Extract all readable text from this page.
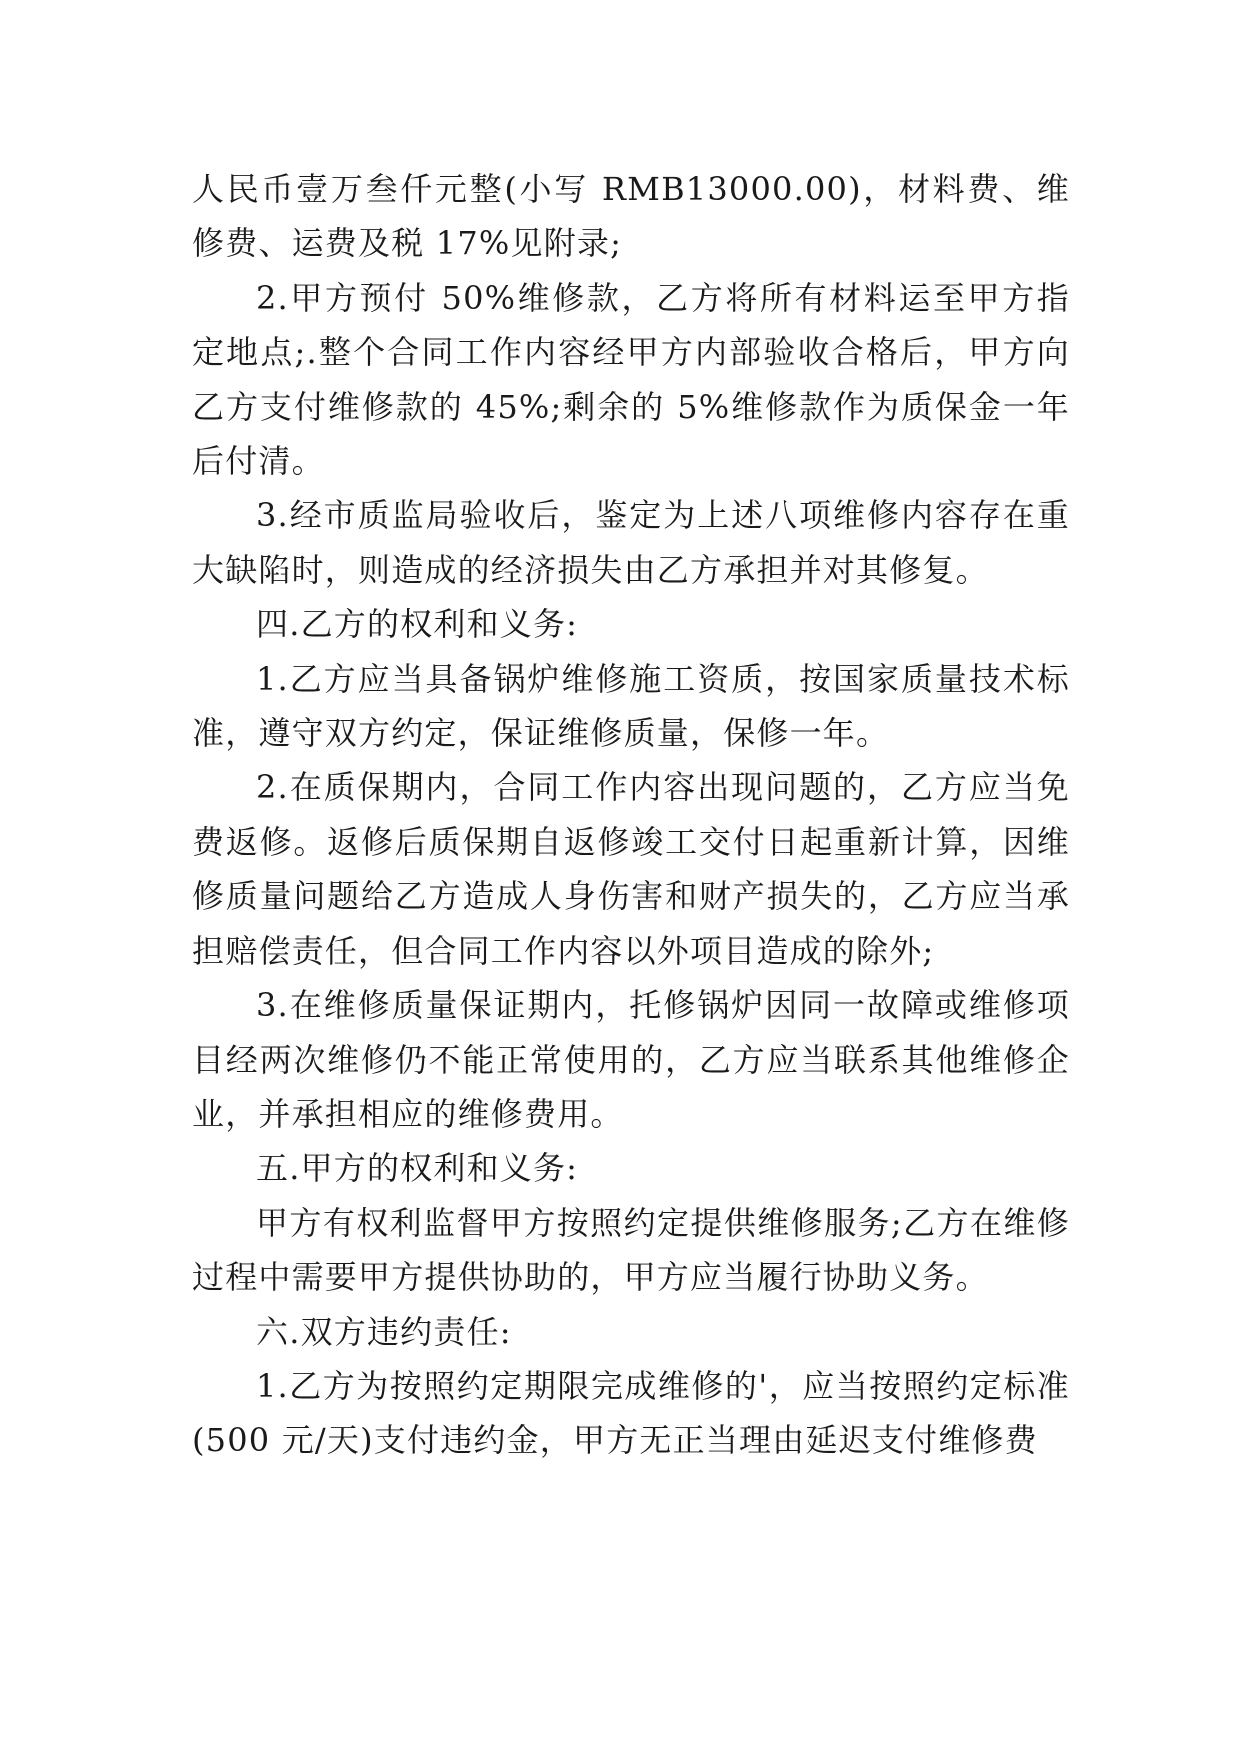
人民币壹万叁仟元整(小写 RMB13000.00)，材料费、维修费、运费及税 17%见附录;

2.甲方预付 50%维修款，乙方将所有材料运至甲方指定地点;.整个合同工作内容经甲方内部验收合格后，甲方向乙方支付维修款的 45%;剩余的 5%维修款作为质保金一年后付清。

3.经市质监局验收后，鉴定为上述八项维修内容存在重大缺陷时，则造成的经济损失由乙方承担并对其修复。

四.乙方的权利和义务:

1.乙方应当具备锅炉维修施工资质，按国家质量技术标准，遵守双方约定，保证维修质量，保修一年。

2.在质保期内，合同工作内容出现问题的，乙方应当免费返修。返修后质保期自返修竣工交付日起重新计算，因维修质量问题给乙方造成人身伤害和财产损失的，乙方应当承担赔偿责任，但合同工作内容以外项目造成的除外;

3.在维修质量保证期内，托修锅炉因同一故障或维修项目经两次维修仍不能正常使用的，乙方应当联系其他维修企业，并承担相应的维修费用。

五.甲方的权利和义务:

甲方有权利监督甲方按照约定提供维修服务;乙方在维修过程中需要甲方提供协助的，甲方应当履行协助义务。

六.双方违约责任:

1.乙方为按照约定期限完成维修的'，应当按照约定标准(500 元/天)支付违约金，甲方无正当理由延迟支付维修费
